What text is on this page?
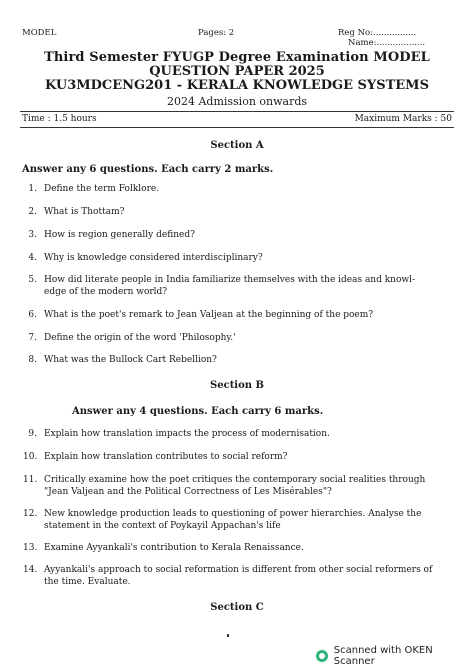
MODEL	Pages: 2	Reg No:................
Name:..................
Third Semester FYUGP Degree Examination MODEL
QUESTION PAPER 2025
KU3MDCENG201 - KERALA KNOWLEDGE SYSTEMS
2024 Admission onwards
Time : 1.5 hours	Maximum Marks : 50
Section A
Answer any 6 questions. Each carry 2 marks.
1. Define the term Folklore.
2. What is Thottam?
3. How is region generally defined?
4. Why is knowledge considered interdisciplinary?
5. How did literate people in India familiarize themselves with the ideas and knowl-edge of the modern world?
6. What is the poet's remark to Jean Valjean at the beginning of the poem?
7. Define the origin of the word 'Philosophy.'
8. What was the Bullock Cart Rebellion?
Section B
Answer any 4 questions. Each carry 6 marks.
9. Explain how translation impacts the process of modernisation.
10. Explain how translation contributes to social reform?
11. Critically examine how the poet critiques the contemporary social realities through "Jean Valjean and the Political Correctness of Les Misérables"?
12. New knowledge production leads to questioning of power hierarchies. Analyse the statement in the context of Poykayil Appachan's life
13. Examine Ayyankali's contribution to Kerala Renaissance.
14. Ayyankali's approach to social reformation is different from other social reformers of the time. Evaluate.
Section C
Scanned with OKEN Scanner
